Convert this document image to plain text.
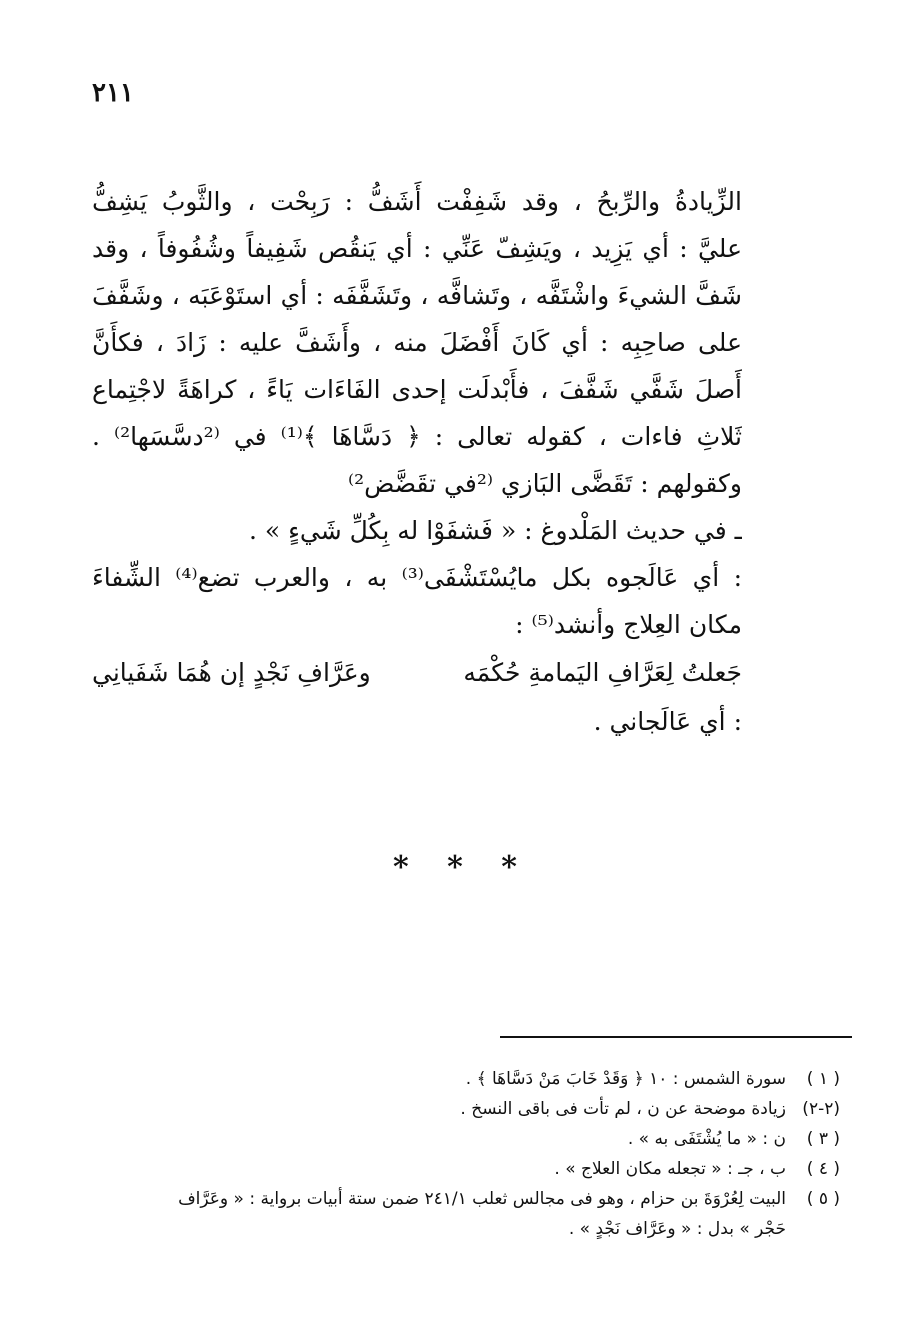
٢١١
الزِّيادةُ والرِّبحُ ، وقد شَفِفْت أَشَفُّ : رَبِحْت ، والثَّوبُ يَشِفُّ
عليَّ : أي يَزِيد ، ويَشِفّ عَنِّي : أي يَنقُص شَفِيفاً وشُفُوفاً ، وقد
شَفَّ الشيءَ واشْتَفَّه ، وتَشافَّه ، وتَشَفَّفَه : أي استَوْعَبَه ، وشَفَّفَ
على صاحِبِه : أي كَانَ أَفْضَلَ منه ، وأَشَفَّ عليه : زَادَ ، فكأَنَّ
أَصلَ شَفَّي شَفَّفَ ، فأَبْدلَت إحدى الفَاءَات يَاءً ، كراهَةً لاجْتِماع
ثَلاثِ فاءات ، كقوله تعالى : ﴿ دَسَّاهَا ﴾⁽¹⁾ في ⁽²دسَّسَها²⁾ .
وكقولهم : تَقَضَّى البَازي ⁽²في تقَضَّض²⁾
ـ في حديث المَلْدوغ : « فَشفَوْا له بِكُلِّ شَيءٍ » .
: أي عَالَجوه بكل مايُسْتَشْفَى⁽³⁾ به ، والعرب تضع⁽⁴⁾ الشِّفاءَ
مكان العِلاج وأنشد⁽⁵⁾ :
جَعلتُ لِعَرَّافِ اليَمامةِ حُكْمَه
وعَرَّافِ نَجْدٍ إن هُمَا شَفَيانِي
: أي عَالَجاني .
* * *
( ١ )سورة الشمس : ١٠ ﴿ وَقَدْ خَابَ مَنْ دَسَّاهَا ﴾ .
(٢-٢)زيادة موضحة عن ن ، لم تأت فى باقى النسخ .
( ٣ )ن : « ما يُشْتَفَى به » .
( ٤ )ب ، جـ : « تجعله مكان العلاج » .
( ٥ )البيت لِعُرْوَةَ بن حزام ، وهو فى مجالس ثعلب ٢٤١/١ ضمن ستة أبيات برواية : « وعَرَّاف
حَجْر » بدل : « وعَرَّاف نَجْدٍ » .
